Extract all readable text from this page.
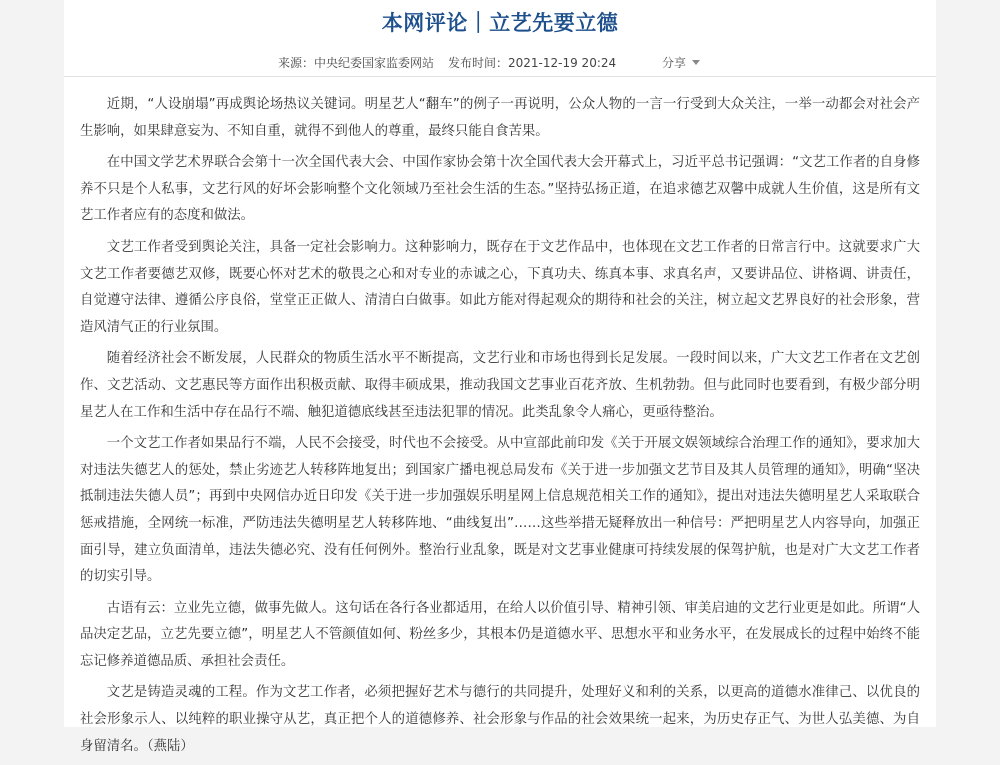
本网评论｜立艺先要立德
来源：中央纪委国家监委网站 发布时间：2021-12-19 20:24	分享

近期，“人设崩塌”再成舆论场热议关键词。明星艺人“翻车”的例子一再说明，公众人物的一言一行受到大众关注，一举一动都会对社会产生影响，如果肆意妄为、不知自重，就得不到他人的尊重，最终只能自食苦果。

在中国文学艺术界联合会第十一次全国代表大会、中国作家协会第十次全国代表大会开幕式上，习近平总书记强调：“文艺工作者的自身修养不只是个人私事，文艺行风的好坏会影响整个文化领域乃至社会生活的生态。”坚持弘扬正道，在追求德艺双馨中成就人生价值，这是所有文艺工作者应有的态度和做法。

文艺工作者受到舆论关注，具备一定社会影响力。这种影响力，既存在于文艺作品中，也体现在文艺工作者的日常言行中。这就要求广大文艺工作者要德艺双修，既要心怀对艺术的敬畏之心和对专业的赤诚之心，下真功夫、练真本事、求真名声，又要讲品位、讲格调、讲责任，自觉遵守法律、遵循公序良俗，堂堂正正做人、清清白白做事。如此方能对得起观众的期待和社会的关注，树立起文艺界良好的社会形象，营造风清气正的行业氛围。

随着经济社会不断发展，人民群众的物质生活水平不断提高，文艺行业和市场也得到长足发展。一段时间以来，广大文艺工作者在文艺创作、文艺活动、文艺惠民等方面作出积极贡献、取得丰硕成果，推动我国文艺事业百花齐放、生机勃勃。但与此同时也要看到，有极少部分明星艺人在工作和生活中存在品行不端、触犯道德底线甚至违法犯罪的情况。此类乱象令人痛心，更亟待整治。

一个文艺工作者如果品行不端，人民不会接受，时代也不会接受。从中宣部此前印发《关于开展文娱领域综合治理工作的通知》，要求加大对违法失德艺人的惩处，禁止劣迹艺人转移阵地复出；到国家广播电视总局发布《关于进一步加强文艺节目及其人员管理的通知》，明确“坚决抵制违法失德人员”；再到中央网信办近日印发《关于进一步加强娱乐明星网上信息规范相关工作的通知》，提出对违法失德明星艺人采取联合惩戒措施，全网统一标准，严防违法失德明星艺人转移阵地、“曲线复出”……这些举措无疑释放出一种信号：严把明星艺人内容导向，加强正面引导，建立负面清单，违法失德必究、没有任何例外。整治行业乱象，既是对文艺事业健康可持续发展的保驾护航，也是对广大文艺工作者的切实引导。

古语有云：立业先立德，做事先做人。这句话在各行各业都适用，在给人以价值引导、精神引领、审美启迪的文艺行业更是如此。所谓“人品决定艺品，立艺先要立德”，明星艺人不管颜值如何、粉丝多少，其根本仍是道德水平、思想水平和业务水平，在发展成长的过程中始终不能忘记修养道德品质、承担社会责任。

文艺是铸造灵魂的工程。作为文艺工作者，必须把握好艺术与德行的共同提升，处理好义和利的关系，以更高的道德水准律己、以优良的社会形象示人、以纯粹的职业操守从艺，真正把个人的道德修养、社会形象与作品的社会效果统一起来，为历史存正气、为世人弘美德、为自身留清名。（燕陆）
